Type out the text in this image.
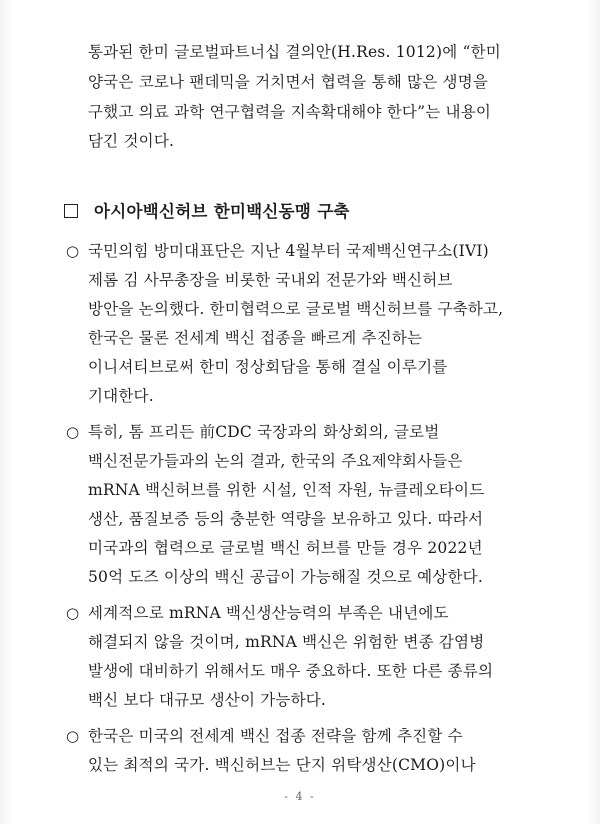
통과된 한미 글로벌파트너십 결의안(H.Res. 1012)에 “한미
양국은 코로나 팬데믹을 거치면서 협력을 통해 많은 생명을
구했고 의료 과학 연구협력을 지속확대해야 한다”는 내용이
담긴 것이다.
아시아백신허브 한미백신동맹 구축
○ 국민의힘 방미대표단은 지난 4월부터 국제백신연구소(IVI)
제롬 김 사무총장을 비롯한 국내외 전문가와 백신허브
방안을 논의했다. 한미협력으로 글로벌 백신허브를 구축하고,
한국은 물론 전세계 백신 접종을 빠르게 추진하는
이니셔티브로써 한미 정상회담을 통해 결실 이루기를
기대한다.
○ 특히, 톰 프리든 前CDC 국장과의 화상회의, 글로벌
백신전문가들과의 논의 결과, 한국의 주요제약회사들은
mRNA 백신허브를 위한 시설, 인적 자원, 뉴클레오타이드
생산, 품질보증 등의 충분한 역량을 보유하고 있다. 따라서
미국과의 협력으로 글로벌 백신 허브를 만들 경우 2022년
50억 도즈 이상의 백신 공급이 가능해질 것으로 예상한다.
○ 세계적으로 mRNA 백신생산능력의 부족은 내년에도
해결되지 않을 것이며, mRNA 백신은 위험한 변종 감염병
발생에 대비하기 위해서도 매우 중요하다. 또한 다른 종류의
백신 보다 대규모 생산이 가능하다.
○ 한국은 미국의 전세계 백신 접종 전략을 함께 추진할 수
있는 최적의 국가. 백신허브는 단지 위탁생산(CMO)이나
- 4 -
